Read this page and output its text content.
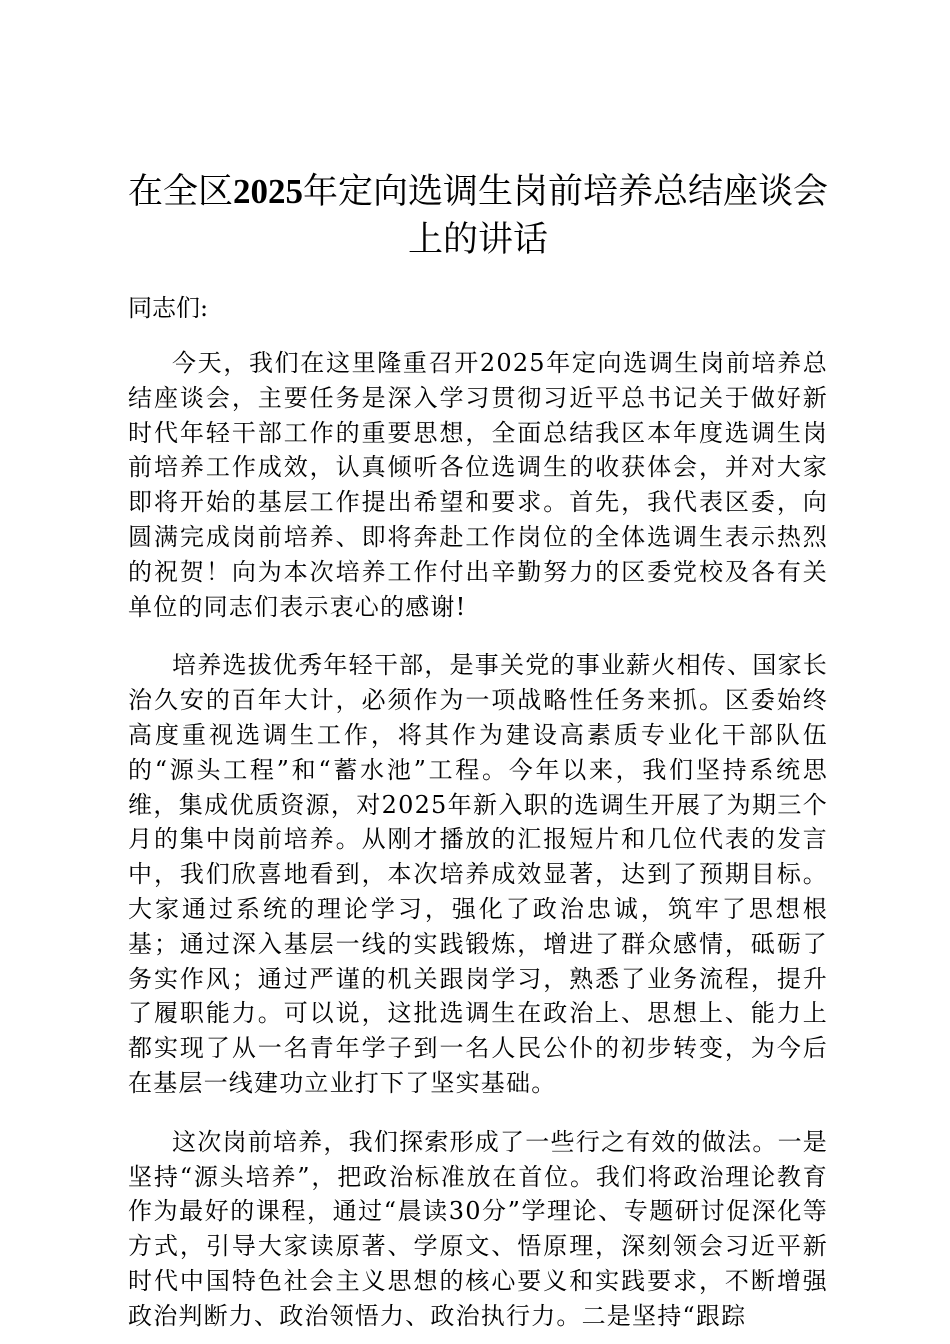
在全区2025年定向选调生岗前培养总结座谈会上的讲话

同志们:

今天，我们在这里隆重召开2025年定向选调生岗前培养总结座谈会，主要任务是深入学习贯彻习近平总书记关于做好新时代年轻干部工作的重要思想，全面总结我区本年度选调生岗前培养工作成效，认真倾听各位选调生的收获体会，并对大家即将开始的基层工作提出希望和要求。首先，我代表区委，向圆满完成岗前培养、即将奔赴工作岗位的全体选调生表示热烈的祝贺！向为本次培养工作付出辛勤努力的区委党校及各有关单位的同志们表示衷心的感谢!

培养选拔优秀年轻干部，是事关党的事业薪火相传、国家长治久安的百年大计，必须作为一项战略性任务来抓。区委始终高度重视选调生工作，将其作为建设高素质专业化干部队伍的“源头工程”和“蓄水池”工程。今年以来，我们坚持系统思维，集成优质资源，对2025年新入职的选调生开展了为期三个月的集中岗前培养。从刚才播放的汇报短片和几位代表的发言中，我们欣喜地看到，本次培养成效显著，达到了预期目标。大家通过系统的理论学习，强化了政治忠诚，筑牢了思想根基；通过深入基层一线的实践锻炼，增进了群众感情，砥砺了务实作风；通过严谨的机关跟岗学习，熟悉了业务流程，提升了履职能力。可以说，这批选调生在政治上、思想上、能力上都实现了从一名青年学子到一名人民公仆的初步转变，为今后在基层一线建功立业打下了坚实基础。

这次岗前培养，我们探索形成了一些行之有效的做法。一是坚持“源头培养”，把政治标准放在首位。我们将政治理论教育作为最好的课程，通过“晨读30分”学理论、专题研讨促深化等方式，引导大家读原著、学原文、悟原理，深刻领会习近平新时代中国特色社会主义思想的核心要义和实践要求，不断增强政治判断力、政治领悟力、政治执行力。二是坚持“跟踪
